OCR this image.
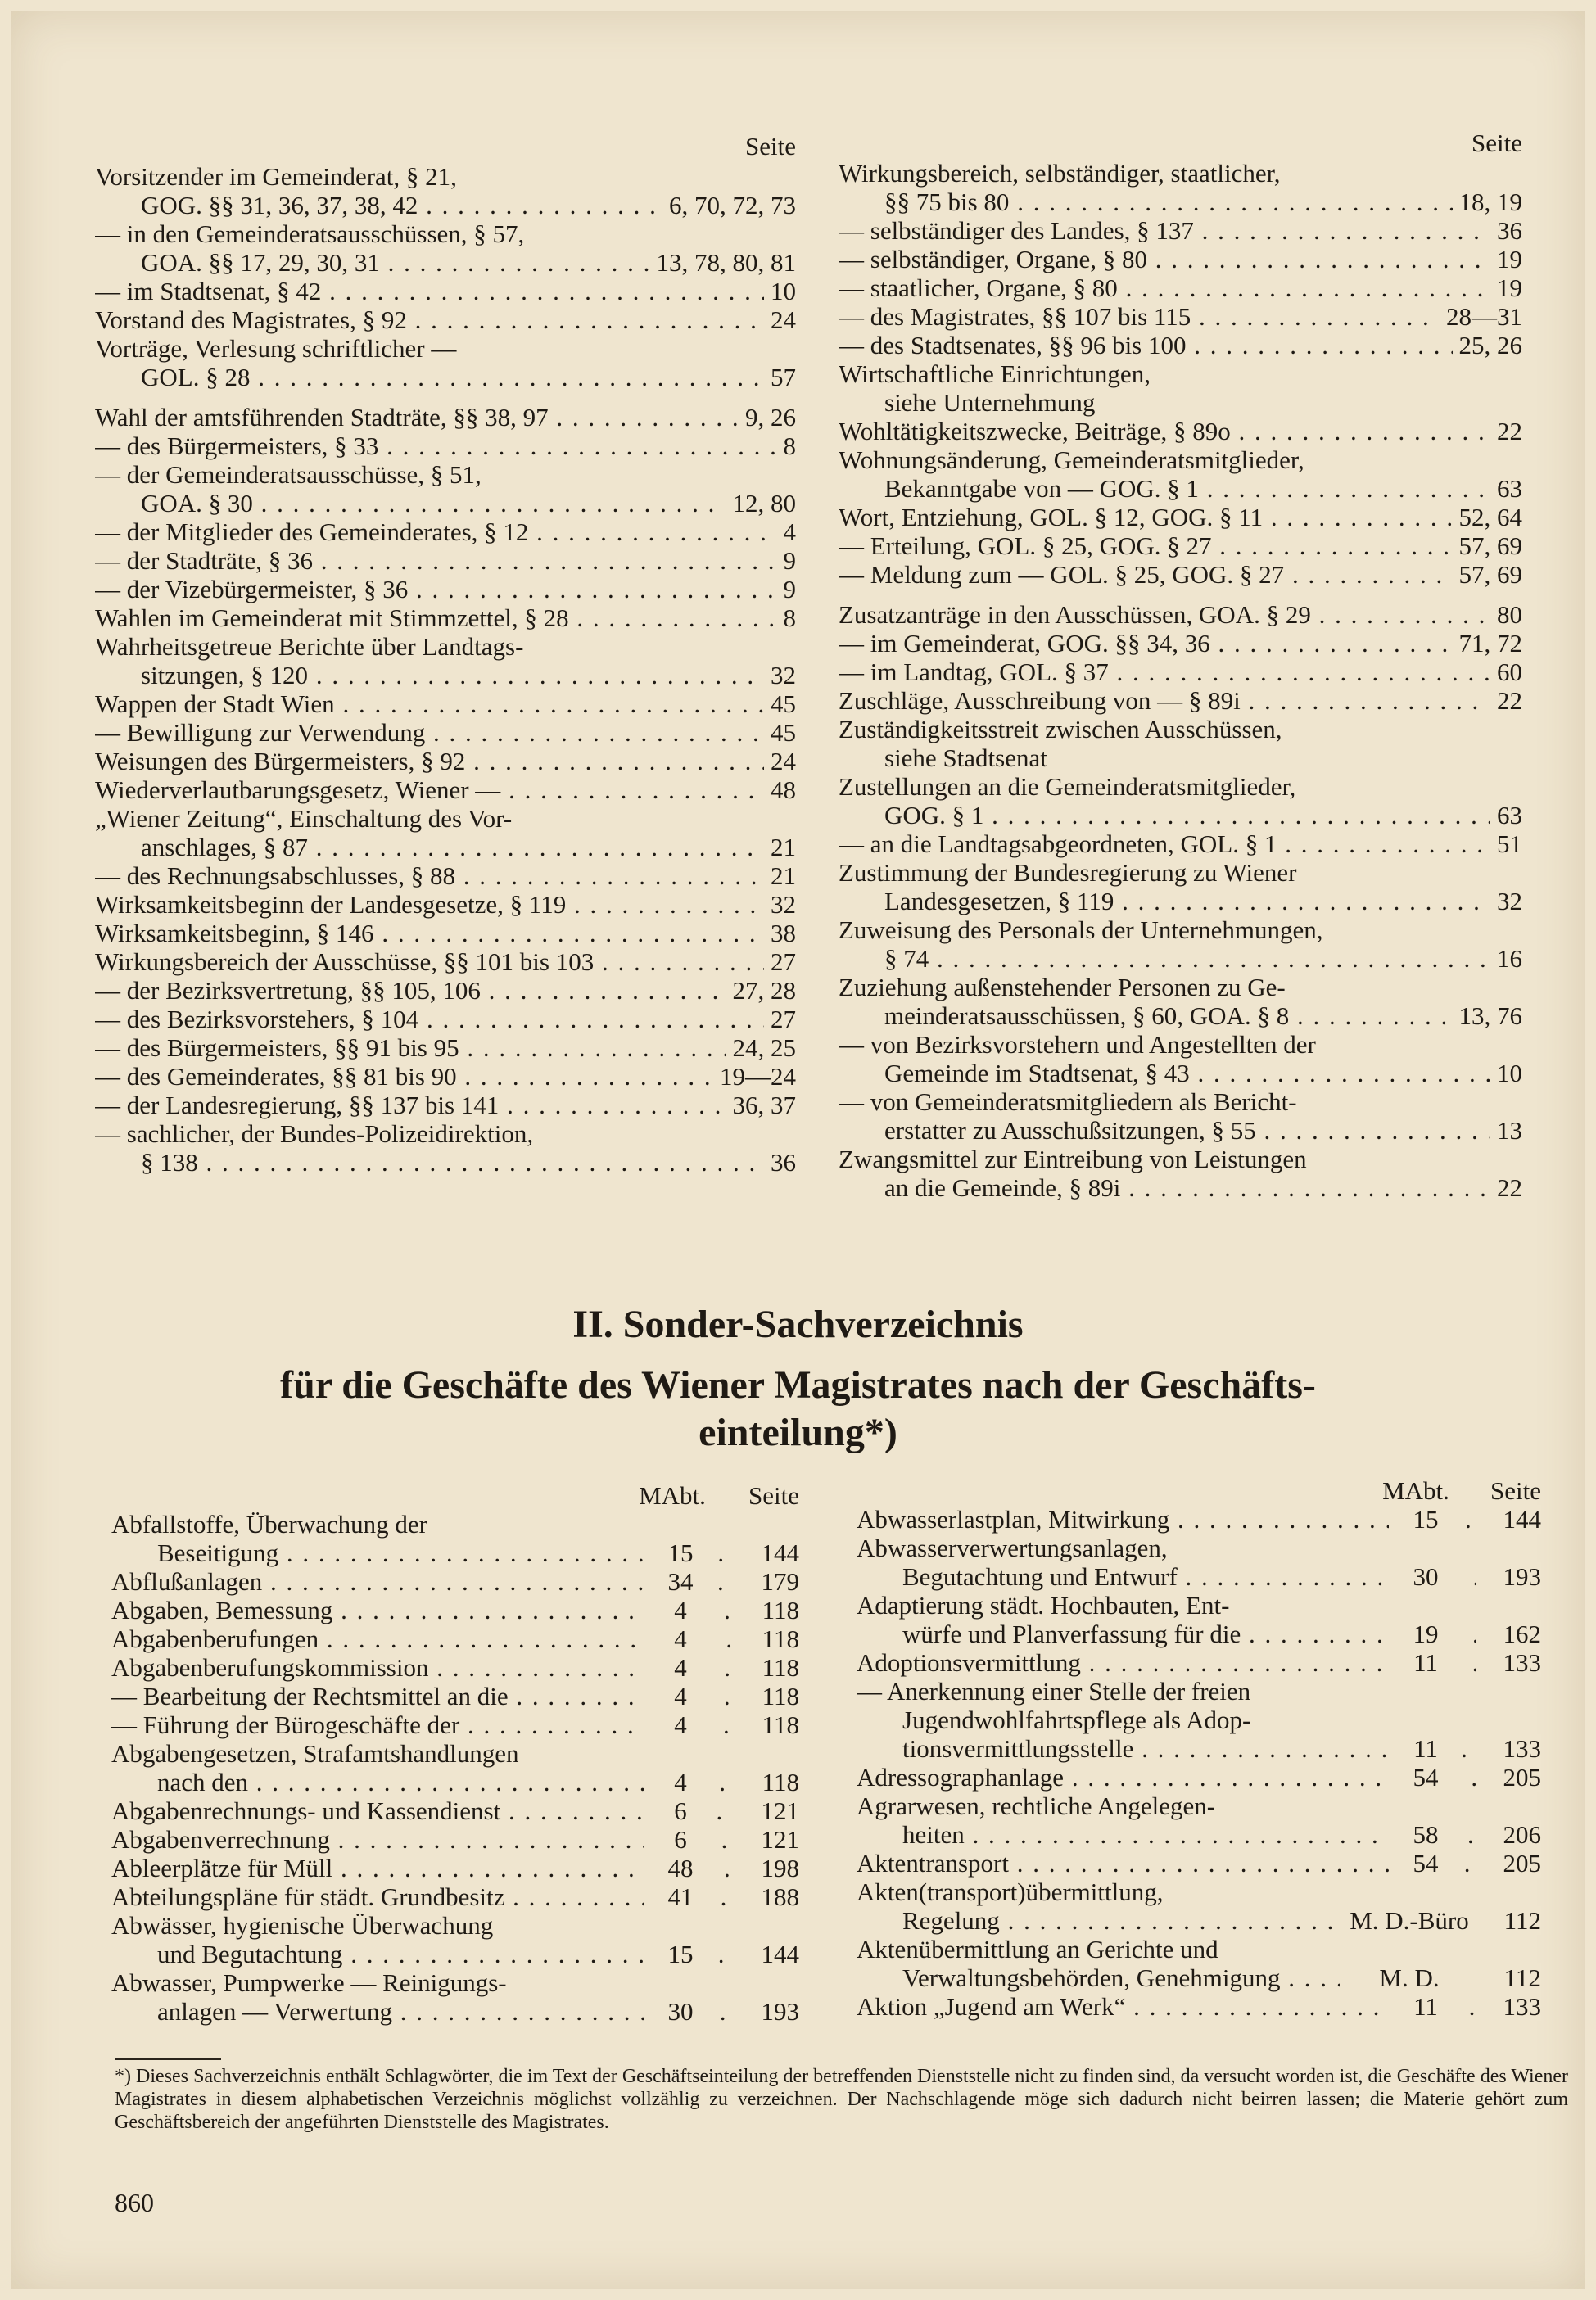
Seite
Vorsitzender im Gemeinderat, § 21,
GOG. §§ 31, 36, 37, 38, 42 . . .	6, 70, 72, 73
— in den Gemeinderatsausschüssen, § 57,
GOA. §§ 17, 29, 30, 31 . . .	13, 78, 80, 81
— im Stadtsenat, § 42 . . .	10
Vorstand des Magistrates, § 92 . . .	24
Vorträge, Verlesung schriftlicher —
GOL. § 28 . . .	57
Wahl der amtsführenden Stadträte, §§ 38, 97 . . .	9, 26
— des Bürgermeisters, § 33 . . .	8
— der Gemeinderatsausschüsse, § 51,
GOA. § 30 . . .	12, 80
— der Mitglieder des Gemeinderates, § 12 . . .	4
— der Stadträte, § 36 . . .	9
— der Vizebürgermeister, § 36 . . .	9
Wahlen im Gemeinderat mit Stimmzettel, § 28 . . .	8
Wahrheitsgetreue Berichte über Landtags-
sitzungen, § 120 . . .	32
Wappen der Stadt Wien . . .	45
— Bewilligung zur Verwendung . . .	45
Weisungen des Bürgermeisters, § 92 . . .	24
Wiederverlautbarungsgesetz, Wiener — . . .	48
„Wiener Zeitung“, Einschaltung des Vor-
anschlages, § 87 . . .	21
— des Rechnungsabschlusses, § 88 . . .	21
Wirksamkeitsbeginn der Landesgesetze, § 119 . . .	32
Wirksamkeitsbeginn, § 146 . . .	38
Wirkungsbereich der Ausschüsse, §§ 101 bis 103 . . .	27
— der Bezirksvertretung, §§ 105, 106 . . .	27, 28
— des Bezirksvorstehers, § 104 . . .	27
— des Bürgermeisters, §§ 91 bis 95 . . .	24, 25
— des Gemeinderates, §§ 81 bis 90 . . .	19—24
— der Landesregierung, §§ 137 bis 141 . . .	36, 37
— sachlicher, der Bundes-Polizeidirektion,
§ 138 . . .	36
Seite
Wirkungsbereich, selbständiger, staatlicher,
§§ 75 bis 80 . . .	18, 19
— selbständiger des Landes, § 137 . . .	36
— selbständiger, Organe, § 80 . . .	19
— staatlicher, Organe, § 80 . . .	19
— des Magistrates, §§ 107 bis 115 . . .	28—31
— des Stadtsenates, §§ 96 bis 100 . . .	25, 26
Wirtschaftliche Einrichtungen,
siehe Unternehmung
Wohltätigkeitszwecke, Beiträge, § 89o . . .	22
Wohnungsänderung, Gemeinderatsmitglieder,
Bekanntgabe von — GOG. § 1 . . .	63
Wort, Entziehung, GOL. § 12, GOG. § 11 . . .	52, 64
— Erteilung, GOL. § 25, GOG. § 27 . . .	57, 69
— Meldung zum — GOL. § 25, GOG. § 27 . . .	57, 69
Zusatzanträge in den Ausschüssen, GOA. § 29 . . .	80
— im Gemeinderat, GOG. §§ 34, 36 . . .	71, 72
— im Landtag, GOL. § 37 . . .	60
Zuschläge, Ausschreibung von — § 89i . . .	22
Zuständigkeitsstreit zwischen Ausschüssen,
siehe Stadtsenat
Zustellungen an die Gemeinderatsmitglieder,
GOG. § 1 . . .	63
— an die Landtagsabgeordneten, GOL. § 1 . . .	51
Zustimmung der Bundesregierung zu Wiener
Landesgesetzen, § 119 . . .	32
Zuweisung des Personals der Unternehmungen,
§ 74 . . .	16
Zuziehung außenstehender Personen zu Ge-
meinderatsausschüssen, § 60, GOA. § 8 . . .	13, 76
— von Bezirksvorstehern und Angestellten der
Gemeinde im Stadtsenat, § 43 . . .	10
— von Gemeinderatsmitgliedern als Bericht-
erstatter zu Ausschußsitzungen, § 55 . . .	13
Zwangsmittel zur Eintreibung von Leistungen
an die Gemeinde, § 89i . . .	22
II. Sonder-Sachverzeichnis
für die Geschäfte des Wiener Magistrates nach der Geschäfts-
einteilung*)
MAbt.	Seite
Abfallstoffe, Überwachung der
Beseitigung . . .	15	144
Abflußanlagen . . .	34	179
Abgaben, Bemessung . . .	4	118
Abgabenberufungen . . .	4	118
Abgabenberufungskommission . . .	4	118
— Bearbeitung der Rechtsmittel an die . . .	4	118
— Führung der Bürogeschäfte der . . .	4	118
Abgabengesetzen, Strafamtshandlungen
nach den . . .	4	118
Abgabenrechnungs- und Kassendienst . . .	6	121
Abgabenverrechnung . . .	6	121
Ableerplätze für Müll . . .	48	198
Abteilungspläne für städt. Grundbesitz . . .	41	188
Abwässer, hygienische Überwachung
und Begutachtung . . .	15	144
Abwasser, Pumpwerke — Reinigungs-
anlagen — Verwertung . . .	30	193
MAbt.	Seite
Abwasserlastplan, Mitwirkung . . .	15	144
Abwasserverwertungsanlagen,
Begutachtung und Entwurf . . .	30	193
Adaptierung städt. Hochbauten, Ent-
würfe und Planverfassung für die . . .	19	162
Adoptionsvermittlung . . .	11	133
— Anerkennung einer Stelle der freien
Jugendwohlfahrtspflege als Adop-
tionsvermittlungsstelle . . .	11	133
Adressographanlage . . .	54	205
Agrarwesen, rechtliche Angelegen-
heiten . . .	58	206
Aktentransport . . .	54	205
Akten(transport)übermittlung,
Regelung . . .	M. D.-Büro	112
Aktenübermittlung an Gerichte und
Verwaltungsbehörden, Genehmigung . . .	M. D.	112
Aktion „Jugend am Werk“ . . .	11	133
*) Dieses Sachverzeichnis enthält Schlagwörter, die im Text der Geschäftseinteilung der betreffenden Dienststelle nicht zu finden sind, da versucht worden ist, die Geschäfte des Wiener Magistrates in diesem alphabetischen Verzeichnis möglichst vollzählig zu verzeichnen. Der Nachschlagende möge sich dadurch nicht beirren lassen; die Materie gehört zum Geschäftsbereich der angeführten Dienststelle des Magistrates.
860
